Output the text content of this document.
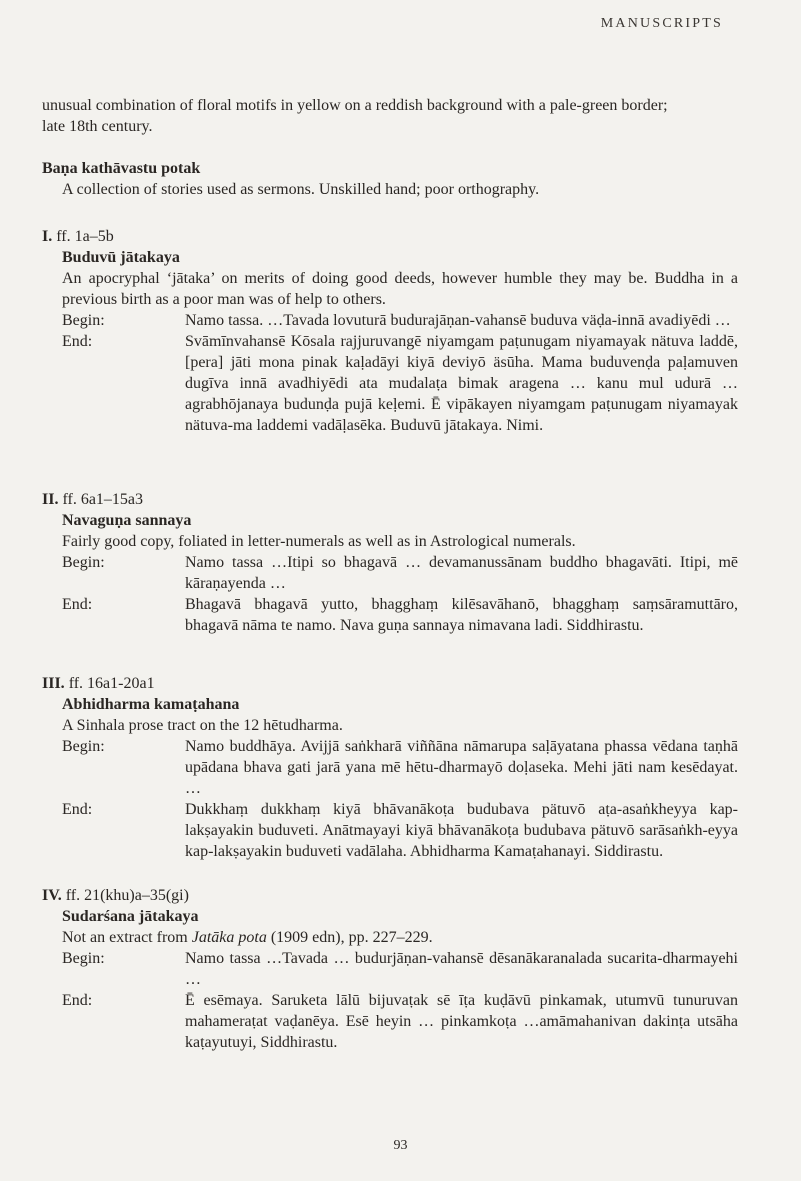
MANUSCRIPTS
unusual combination of floral motifs in yellow on a reddish background with a pale-green border;
late 18th century.
Baṇa kathāvastu potak
A collection of stories used as sermons. Unskilled hand; poor orthography.
I. ff. 1a–5b
Buduvū jātakaya
An apocryphal ‘jātaka’ on merits of doing good deeds, however humble they may be. Buddha in a previous birth as a poor man was of help to others.
Begin:	Namo tassa. …Tavada lovuturā budurajāṇan-vahansē buduva väḍa-innā avadiyēdi …
End:	Svāmīnvahansē Kōsala rajjuruvangē niyamgam paṭunugam niyamayak nätuva laddē, [pera] jāti mona pinak kaḷadāyi kiyā deviyō äsūha. Mama buduvenḍa paḷamuven dugīva innā avadhiyēdi ata mudalaṭa bimak aragena … kanu mul udurā … agrabhōjanaya budunḍa pujā keḷemi. Ē vipākayen niyamgam paṭunugam niyamayak nätuva-ma laddemi vadāḷasēka. Buduvū jātakaya. Nimi.
II. ff. 6a1–15a3
Navaguṇa sannaya
Fairly good copy, foliated in letter-numerals as well as in Astrological numerals.
Begin:	Namo tassa …Itipi so bhagavā … devamanussānam buddho bhagavāti. Itipi, mē kāraṇayenda …
End:	Bhagavā bhagavā yutto, bhagghaṃ kilēsavāhanō, bhagghaṃ saṃsāramuttāro, bhagavā nāma te namo. Nava guṇa sannaya nimavana ladi. Siddhirastu.
III. ff. 16a1-20a1
Abhidharma kamaṭahana
A Sinhala prose tract on the 12 hētudharma.
Begin:	Namo buddhāya. Avijjā saṅkharā viññāna nāmarupa saḷāyatana phassa vēdana taṇhā upādana bhava gati jarā yana mē hētu-dharmayō doḷaseka. Mehi jāti nam kesēdayat. …
End:	Dukkhaṃ dukkhaṃ kiyā bhāvanākoṭa budubava pätuvō aṭa-asaṅkheyya kap-lakṣayakin buduveti. Anātmayayi kiyā bhāvanākoṭa budubava pätuvō sarāsaṅkh-eyya kap-lakṣayakin buduveti vadālaha. Abhidharma Kamaṭahanayi. Siddirastu.
IV. ff. 21(khu)a–35(gi)
Sudarśana jātakaya
Not an extract from Jatāka pota (1909 edn), pp. 227–229.
Begin:	Namo tassa …Tavada … budurjāṇan-vahansē dēsanākaranalada sucarita-dharmayehi …
End:	Ē esēmaya. Saruketa lālū bijuvaṭak sē īṭa kuḍāvū pinkamak, utumvū tunuruvan mahameraṭat vaḍanēya. Esē heyin … pinkamkoṭa …amāmahanivan dakinṭa utsāha kaṭayutuyi, Siddhirastu.
93
